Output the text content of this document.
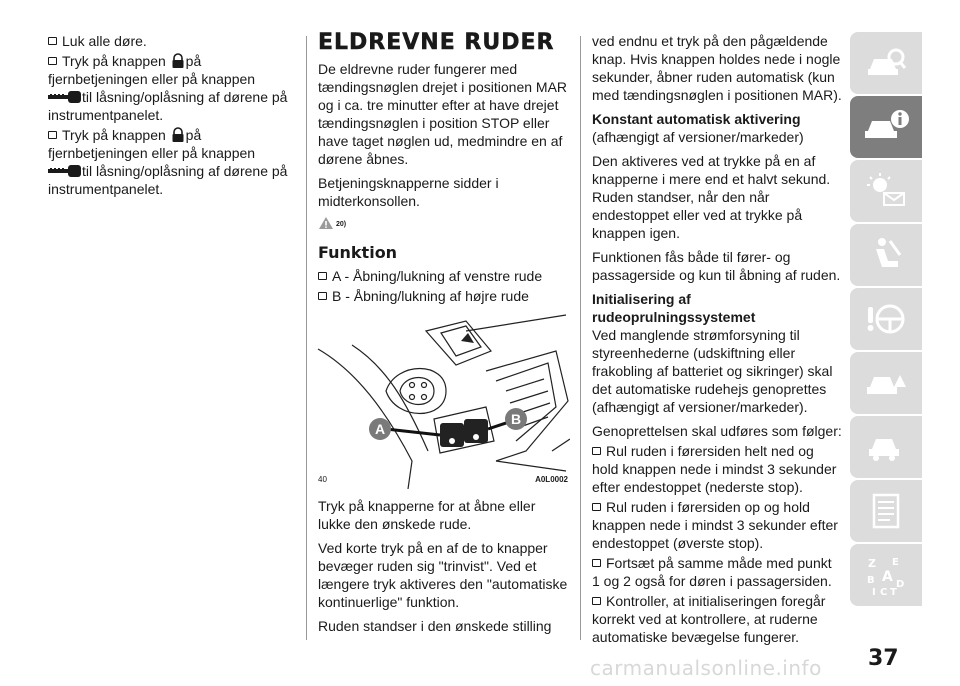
Luk alle døre.

Tryk på knappen på fjernbetjeningen eller på knappen
til låsning/oplåsning af dørene på instrumentpanelet.

Tryk på knappen på fjernbetjeningen eller på knappen
til låsning/oplåsning af dørene på instrumentpanelet.

ELDREVNE RUDER

De eldrevne ruder fungerer med tændingsnøglen drejet i positionen MAR og i ca. tre minutter efter at have drejet tændingsnøglen i position STOP eller have taget nøglen ud, medmindre en af dørene åbnes.

Betjeningsknapperne sidder i midterkonsollen.

$^{20)}$
Funktion

A - Åbning/lukning af venstre rude

B - Åbning/lukning af højre rude

A
B
40	A0L0002

Tryk på knapperne for at åbne eller lukke den ønskede rude.

Ved korte tryk på en af de to knapper bevæger ruden sig "trinvist". Ved et længere tryk aktiveres den "automatiske kontinuerlige" funktion.

Ruden standser i den ønskede stilling

ved endnu et tryk på den pågældende knap. Hvis knappen holdes nede i nogle sekunder, åbner ruden automatisk (kun med tændingsnøglen i positionen MAR).

Konstant automatisk aktivering

(afhængigt af versioner/markeder)

Den aktiveres ved at trykke på en af knapperne i mere end et halvt sekund. Ruden standser, når den når endestoppet eller ved at trykke på knappen igen.

Funktionen fås både til fører- og passagerside og kun til åbning af ruden.

Initialisering af rudeoprulningssystemet

Ved manglende strømforsyning til styreenhederne (udskiftning eller frakobling af batteriet og sikringer) skal det automatiske rudehejs genoprettes (afhængigt af versioner/markeder).

Genoprettelsen skal udføres som følger:

Rul ruden i førersiden helt ned og hold knappen nede i mindst 3 sekunder efter endestoppet (nederste stop).

Rul ruden i førersiden op og hold knappen nede i mindst 3 sekunder efter endestoppet (øverste stop).

Fortsæt på samme måde med punkt 1 og 2 også for døren i passagersiden.

Kontroller, at initialiseringen foregår korrekt ved at kontrollere, at ruderne automatiske bevægelse fungerer.

Z E
A
B D
I C T
37
carmanualsonline.info
